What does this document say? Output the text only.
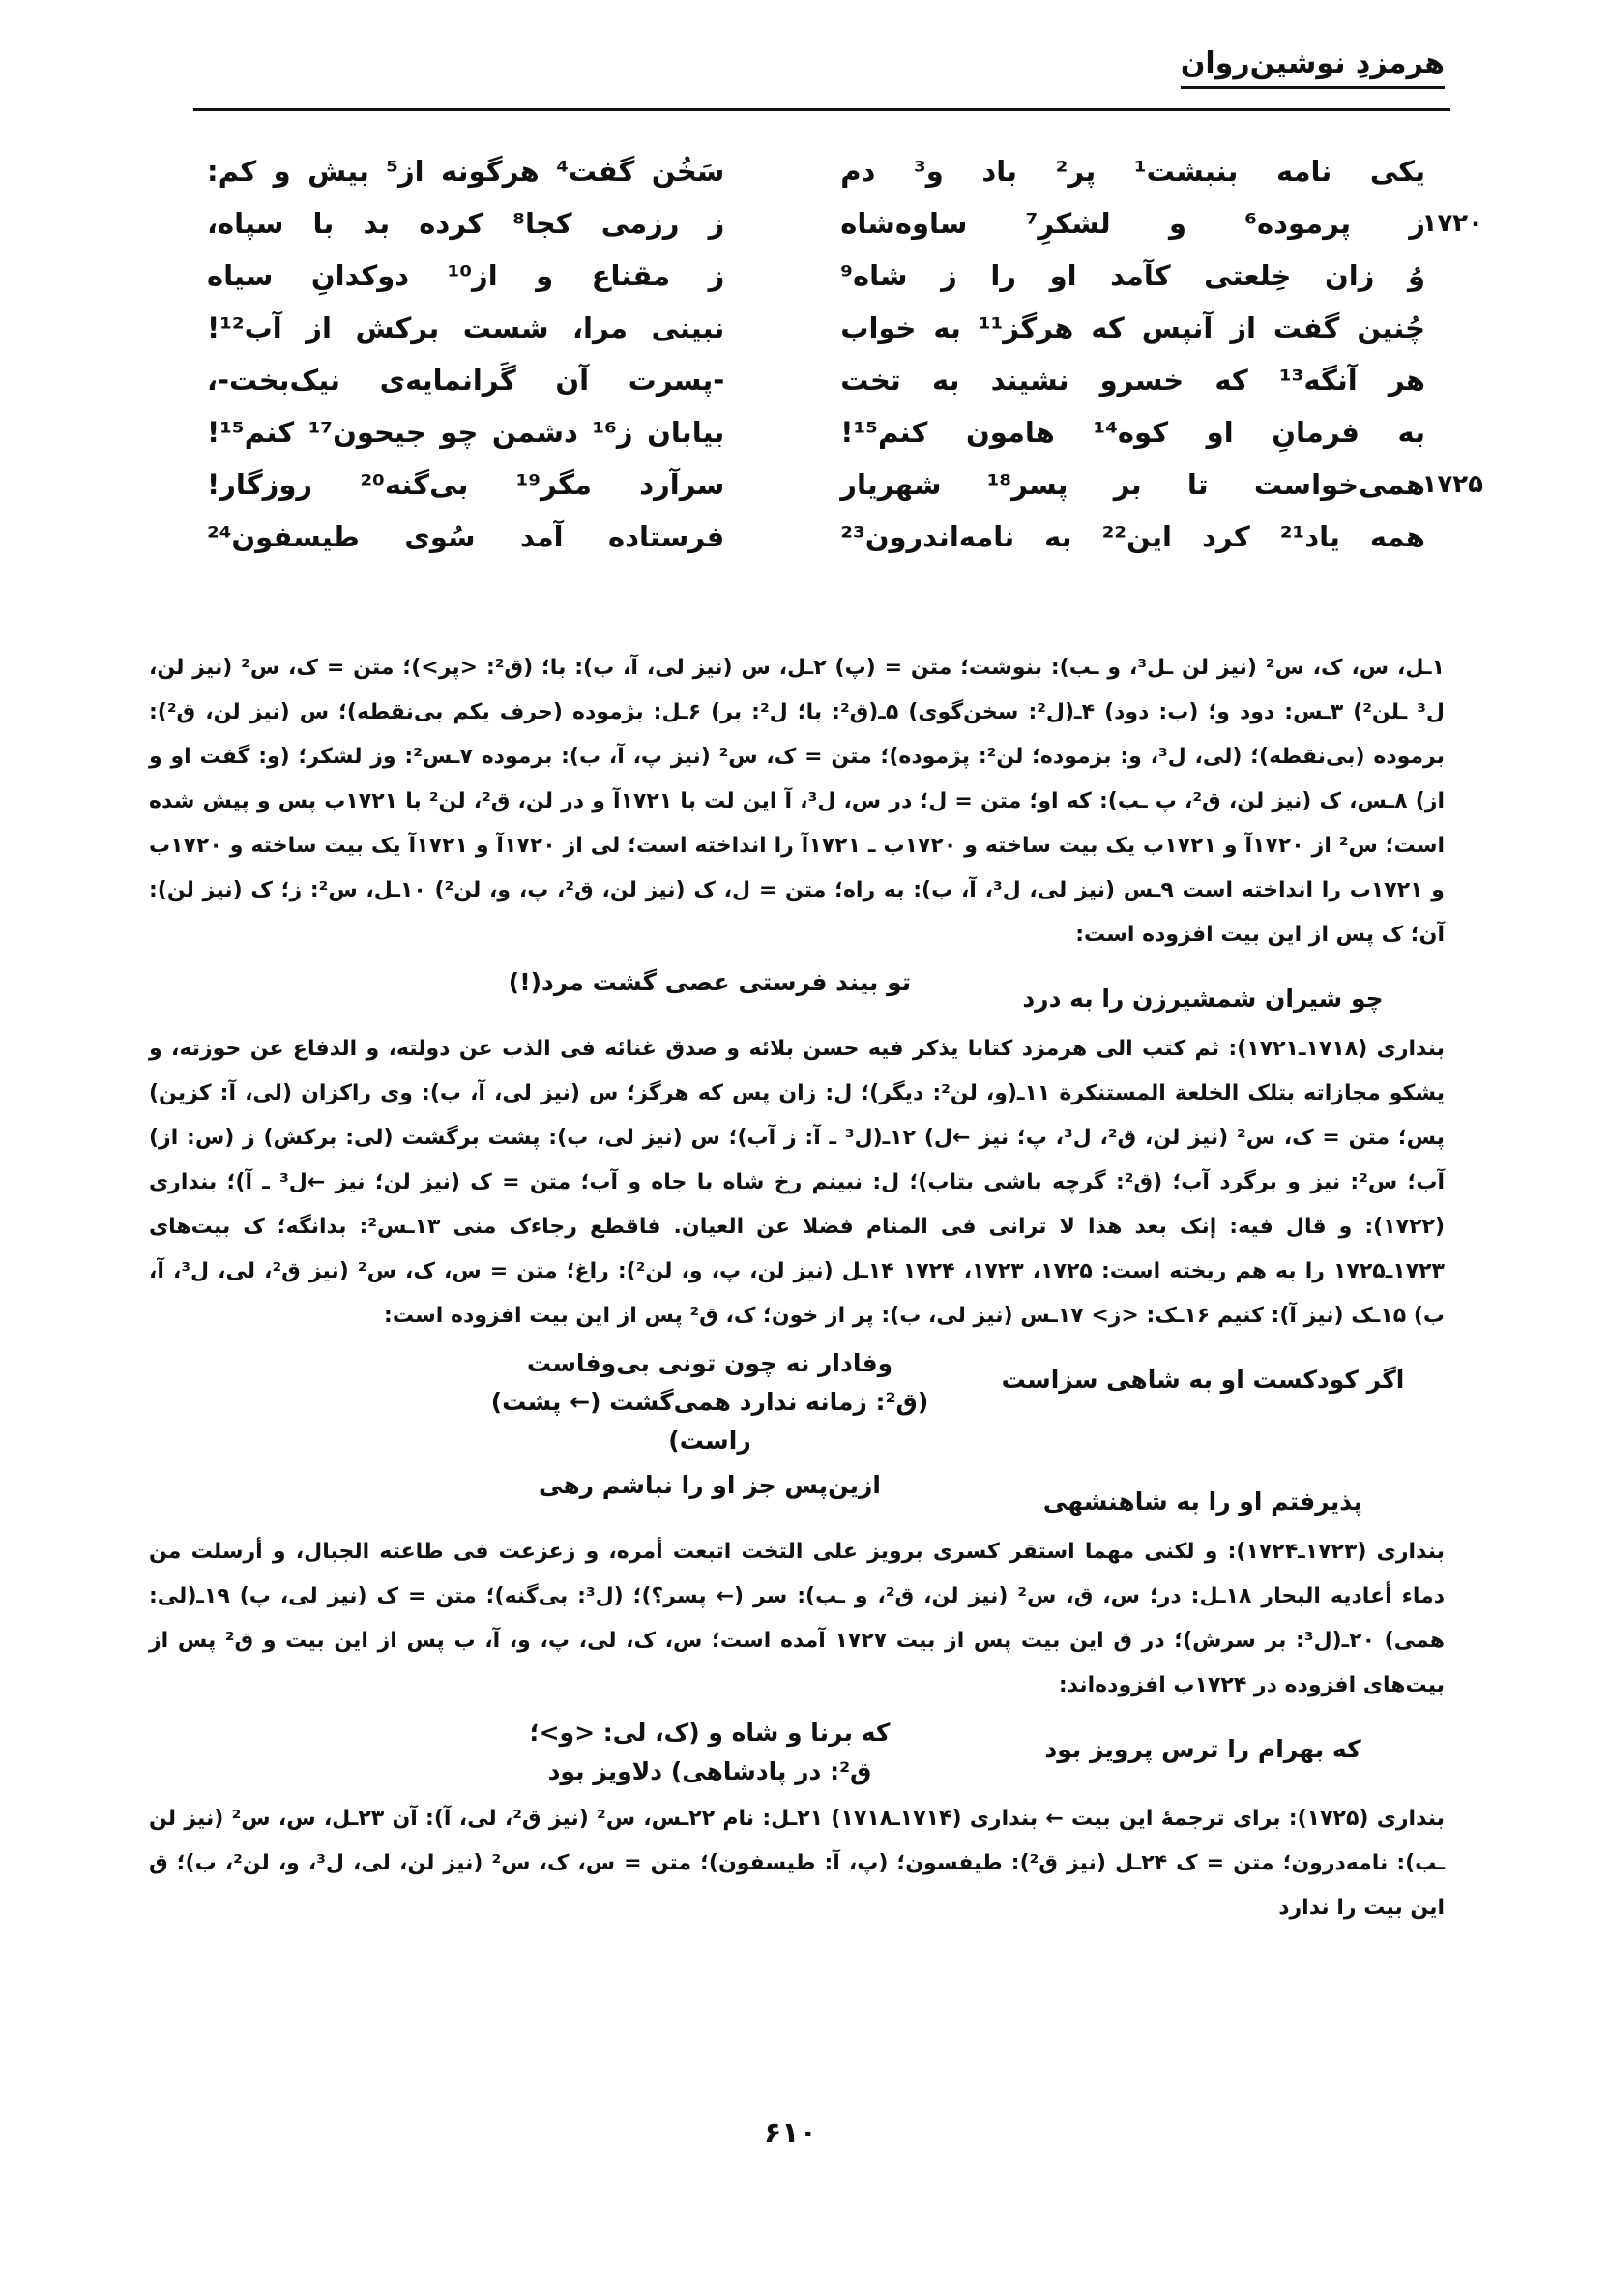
هرمزدِ نوشین‌روان
یکی نامه بنبشت¹ پر² باد و³ دم
سَخُن گفت⁴ هرگونه از⁵ بیش و کم:
۱۷۲۰
ز پرموده⁶ و لشکرِ⁷ ساوه‌شاه
ز رزمی کجا⁸ کرده بد با سپاه،
وُ زان خِلعتی کآمد او را ز شاه⁹
ز مقناع و از¹⁰ دوکدانِ سیاه
چُنین گفت از آنپس که هرگز¹¹ به خواب
نبینی مرا، شست برکش از آب¹²!
هر آنگه¹³ که خسرو نشیند به تخت
-پسرت آن گَرانمایه‌ی نیک‌بخت-،
به فرمانِ او کوه¹⁴ هامون کنم¹⁵!
بیابان ز¹⁶ دشمن چو جیحون¹⁷ کنم¹⁵!
۱۷۲۵
همی‌خواست تا بر پسر¹⁸ شهریار
سرآرد مگر¹⁹ بی‌گنه²⁰ روزگار!
همه یاد²¹ کرد این²² به نامه‌اندرون²³
فرستاده آمد سُوی طیسفون²⁴

۱ـل، س، ک، س² (نیز لن ـل³، و ـب): بنوشت؛ متن = (پ) ۲ـل، س (نیز لی، آ، ب): با؛ (ق²: <پر>)؛ متن = ک، س² (نیز لن، ل³ ـلن²) ۳ـس: دود و؛ (ب: دود) ۴ـ(ل²: سخن‌گوی) ۵ـ(ق²: با؛ ل²: بر) ۶ـل: بژموده (حرف یکم بی‌نقطه)؛ س (نیز لن، ق²): برموده (بی‌نقطه)؛ (لی، ل³، و: بزموده؛ لن²: پژموده)؛ متن = ک، س² (نیز پ، آ، ب): برموده ۷ـس²: وز لشکر؛ (و: گفت او و از) ۸ـس، ک (نیز لن، ق²، پ ـب): که او؛ متن = ل؛ در س، ل³، آ این لت با ۱۷۲۱آ و در لن، ق²، لن² با ۱۷۲۱ب پس و پیش شده است؛ س² از ۱۷۲۰آ و ۱۷۲۱ب یک بیت ساخته و ۱۷۲۰ب ـ ۱۷۲۱آ را انداخته است؛ لی از ۱۷۲۰آ و ۱۷۲۱آ یک بیت ساخته و ۱۷۲۰ب و ۱۷۲۱ب را انداخته است ۹ـس (نیز لی، ل³، آ، ب): به راه؛ متن = ل، ک (نیز لن، ق²، پ، و، لن²) ۱۰ـل، س²: ز؛ ک (نیز لن): آن؛ ک پس از این بیت افزوده است:

چو شیران شمشیرزن را به درد
تو بیند فرستی عصی گشت مرد(!)

بنداری (۱۷۱۸ـ۱۷۲۱): ثم کتب الی هرمزد کتابا یذکر فیه حسن بلائه و صدق غنائه فی الذب عن دولته، و الدفاع عن حوزته، و یشکو مجازاته بتلک الخلعة المستنکرة ۱۱ـ(و، لن²: دیگر)؛ ل: زان پس که هرگز؛ س (نیز لی، آ، ب): وی راکزان (لی، آ: کزین) پس؛ متن = ک، س² (نیز لن، ق²، ل³، پ؛ نیز ←ل) ۱۲ـ(ل³ ـ آ: ز آب)؛ س (نیز لی، ب): پشت برگشت (لی: برکش) ز (س: از) آب؛ س²: نیز و برگرد آب؛ (ق²: گرچه باشی بتاب)؛ ل: نبینم رخ شاه با جاه و آب؛ متن = ک (نیز لن؛ نیز ←ل³ ـ آ)؛ بنداری (۱۷۲۲): و قال فیه: إنک بعد هذا لا ترانی فی المنام فضلا عن العیان. فاقطع رجاءک منی ۱۳ـس²: بدانگه؛ ک بیت‌های ۱۷۲۳ـ۱۷۲۵ را به هم ریخته است: ۱۷۲۵، ۱۷۲۳، ۱۷۲۴ ۱۴ـل (نیز لن، پ، و، لن²): راغ؛ متن = س، ک، س² (نیز ق²، لی، ل³، آ، ب) ۱۵ـک (نیز آ): کنیم ۱۶ـک: <ز> ۱۷ـس (نیز لی، ب): پر از خون؛ ک، ق² پس از این بیت افزوده است:

اگر کودکست او به شاهی سزاست
وفادار نه چون تونی بی‌وفاست
(ق²: زمانه ندارد همی‌گشت (← پشت) راست)
پذیرفتم او را به شاهنشهی
ازین‌پس جز او را نباشم رهی

بنداری (۱۷۲۳ـ۱۷۲۴): و لکنی مهما استقر کسری برویز علی التخت اتبعت أمره، و زعزعت فی طاعته الجبال، و أرسلت من دماء أعادیه البحار ۱۸ـل: در؛ س، ق، س² (نیز لن، ق²، و ـب): سر (← پسر؟)؛ (ل³: بی‌گنه)؛ متن = ک (نیز لی، پ) ۱۹ـ(لی: همی) ۲۰ـ(ل³: بر سرش)؛ در ق این بیت پس از بیت ۱۷۲۷ آمده است؛ س، ک، لی، پ، و، آ، ب پس از این بیت و ق² پس از بیت‌های افزوده در ۱۷۲۴ب افزوده‌اند:

که بهرام را ترس پرویز بود
که برنا و شاه و (ک، لی: <و>؛
ق²: در پادشاهی) دلاویز بود

بنداری (۱۷۲۵): برای ترجمهٔ این بیت ← بنداری (۱۷۱۴ـ۱۷۱۸) ۲۱ـل: نام ۲۲ـس، س² (نیز ق²، لی، آ): آن ۲۳ـل، س، س² (نیز لن ـب): نامه‌درون؛ متن = ک ۲۴ـل (نیز ق²): طیفسون؛ (پ، آ: طیسفون)؛ متن = س، ک، س² (نیز لن، لی، ل³، و، لن²، ب)؛ ق این بیت را ندارد

۶۱۰
